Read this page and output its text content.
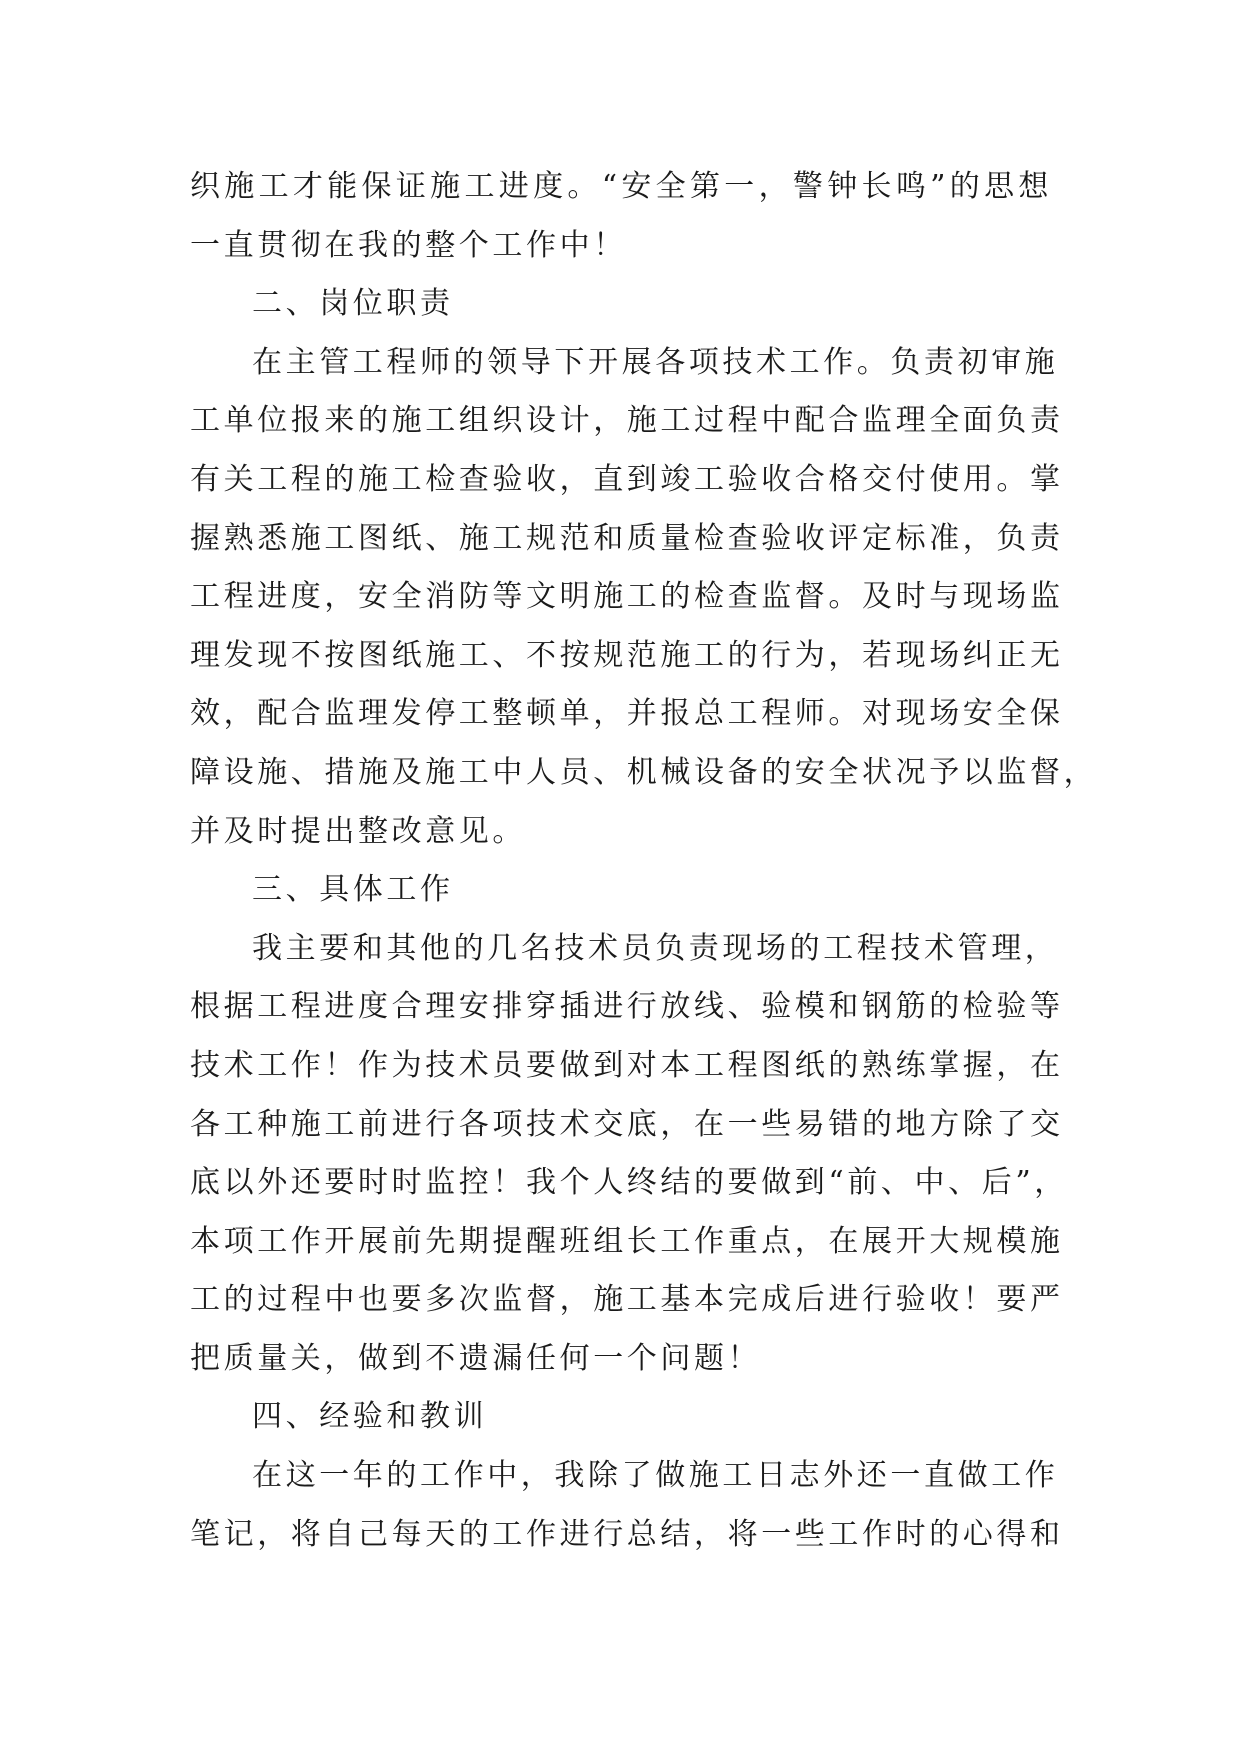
织施工才能保证施工进度。“安全第一，警钟长鸣”的思想
一直贯彻在我的整个工作中！
二、岗位职责
在主管工程师的领导下开展各项技术工作。负责初审施
工单位报来的施工组织设计，施工过程中配合监理全面负责
有关工程的施工检查验收，直到竣工验收合格交付使用。掌
握熟悉施工图纸、施工规范和质量检查验收评定标准，负责
工程进度，安全消防等文明施工的检查监督。及时与现场监
理发现不按图纸施工、不按规范施工的行为，若现场纠正无
效，配合监理发停工整顿单，并报总工程师。对现场安全保
障设施、措施及施工中人员、机械设备的安全状况予以监督，
并及时提出整改意见。
三、具体工作
我主要和其他的几名技术员负责现场的工程技术管理，
根据工程进度合理安排穿插进行放线、验模和钢筋的检验等
技术工作！作为技术员要做到对本工程图纸的熟练掌握，在
各工种施工前进行各项技术交底，在一些易错的地方除了交
底以外还要时时监控！我个人终结的要做到“前、中、后”，
本项工作开展前先期提醒班组长工作重点，在展开大规模施
工的过程中也要多次监督，施工基本完成后进行验收！要严
把质量关，做到不遗漏任何一个问题！
四、经验和教训
在这一年的工作中，我除了做施工日志外还一直做工作
笔记，将自己每天的工作进行总结，将一些工作时的心得和
